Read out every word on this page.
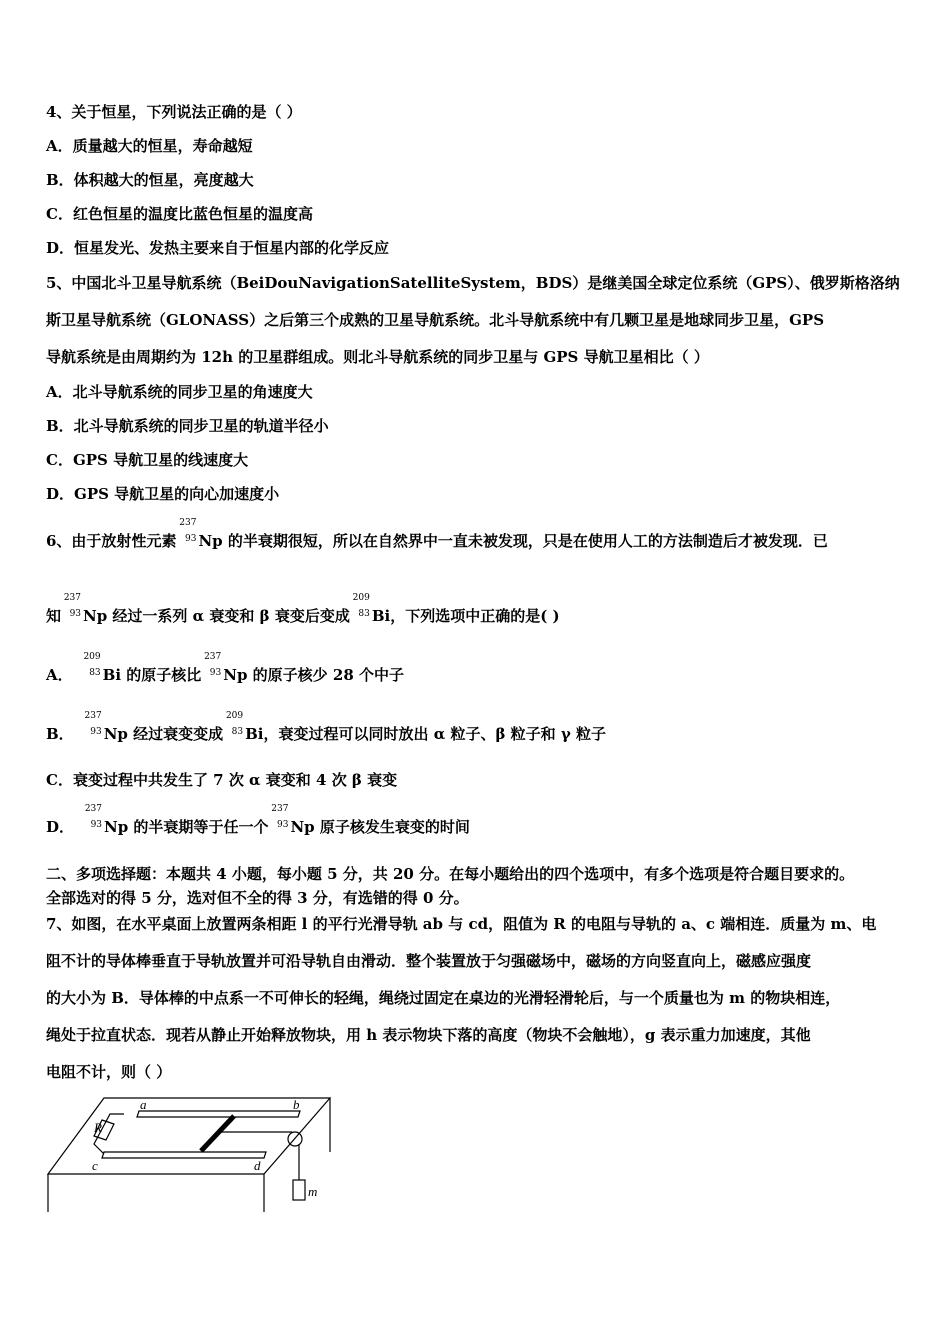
4、关于恒星，下列说法正确的是（ ）
A．质量越大的恒星，寿命越短
B．体积越大的恒星，亮度越大
C．红色恒星的温度比蓝色恒星的温度高
D．恒星发光、发热主要来自于恒星内部的化学反应
5、中国北斗卫星导航系统（BeiDouNavigationSatelliteSystem，BDS）是继美国全球定位系统（GPS）、俄罗斯格洛纳
斯卫星导航系统（GLONASS）之后第三个成熟的卫星导航系统。北斗导航系统中有几颗卫星是地球同步卫星，GPS
导航系统是由周期约为 12h 的卫星群组成。则北斗导航系统的同步卫星与 GPS 导航卫星相比（ ）
A．北斗导航系统的同步卫星的角速度大
B．北斗导航系统的同步卫星的轨道半径小
C．GPS 导航卫星的线速度大
D．GPS 导航卫星的向心加速度小
6、由于放射性元素
237
93 Np 的半衰期很短，所以在自然界中一直未被发现，只是在使用人工的方法制造后才被发现．已
知
237
93 Np 经过一系列 α 衰变和 β 衰变后变成
209
83 Bi，下列选项中正确的是( )
A．
209
83 Bi 的原子核比
237
93 Np 的原子核少 28 个中子
B．
237
93 Np 经过衰变变成
209
83 Bi，衰变过程可以同时放出 α 粒子、β 粒子和 γ 粒子
C．衰变过程中共发生了 7 次 α 衰变和 4 次 β 衰变
D．
237
93 Np 的半衰期等于任一个
237
93 Np 原子核发生衰变的时间
二、多项选择题：本题共 4 小题，每小题 5 分，共 20 分。在每小题给出的四个选项中，有多个选项是符合题目要求的。
全部选对的得 5 分，选对但不全的得 3 分，有选错的得 0 分。
7、如图，在水平桌面上放置两条相距 l 的平行光滑导轨 ab 与 cd，阻值为 R 的电阻与导轨的 a、c 端相连．质量为 m、电
阻不计的导体棒垂直于导轨放置并可沿导轨自由滑动．整个装置放于匀强磁场中，磁场的方向竖直向上，磁感应强度
的大小为 B．导体棒的中点系一不可伸长的轻绳，绳绕过固定在桌边的光滑轻滑轮后，与一个质量也为 m 的物块相连，
绳处于拉直状态．现若从静止开始释放物块，用 h 表示物块下落的高度（物块不会触地），g 表示重力加速度，其他
电阻不计，则（ ）
a	b
R
c	d
m
